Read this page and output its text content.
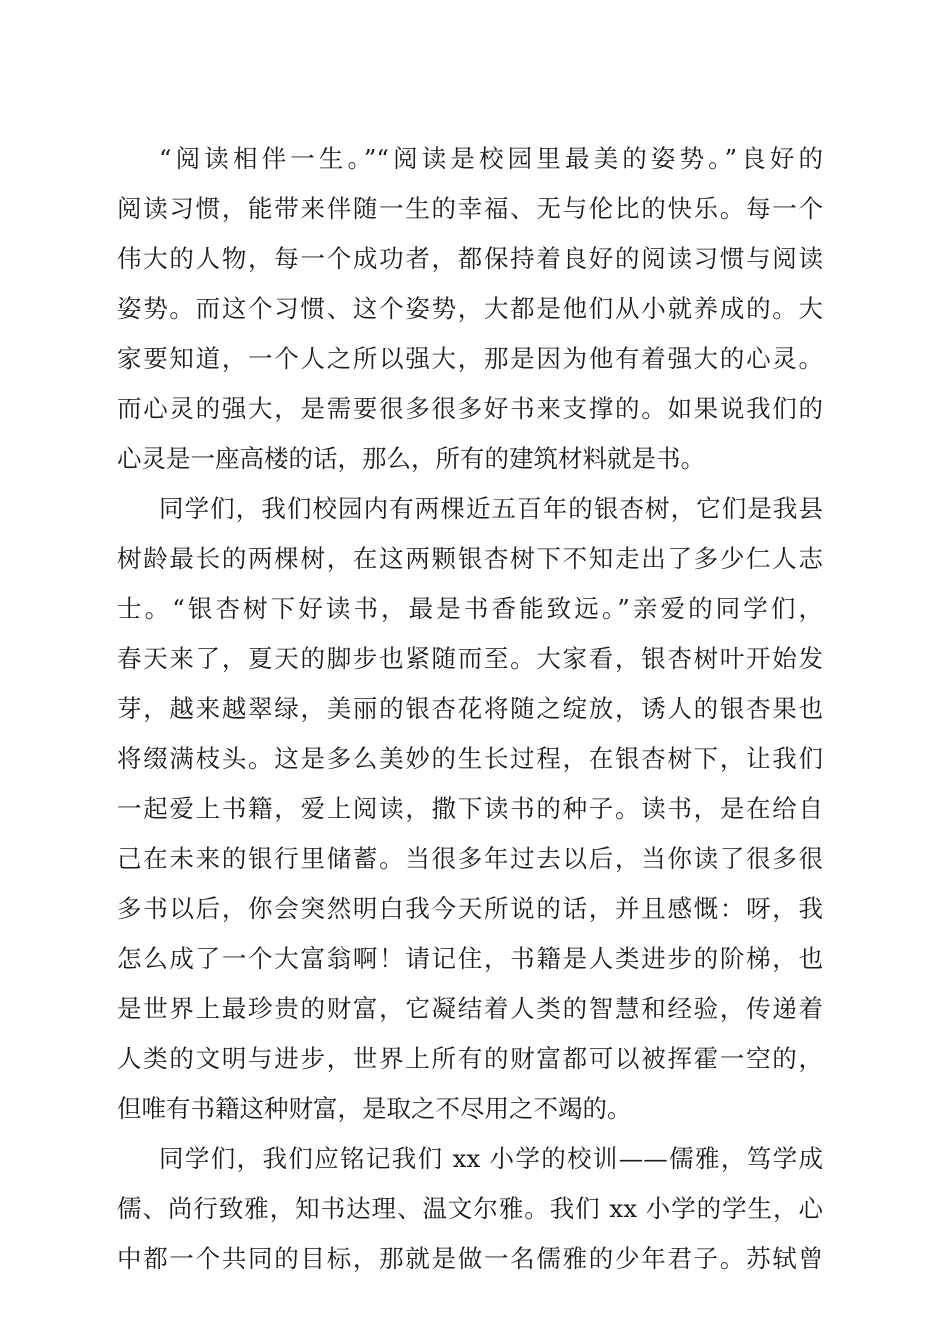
“阅读相伴一生。”“阅读是校园里最美的姿势。”良好的
阅读习惯，能带来伴随一生的幸福、无与伦比的快乐。每一个
伟大的人物，每一个成功者，都保持着良好的阅读习惯与阅读
姿势。而这个习惯、这个姿势，大都是他们从小就养成的。大
家要知道，一个人之所以强大，那是因为他有着强大的心灵。
而心灵的强大，是需要很多很多好书来支撑的。如果说我们的
心灵是一座高楼的话，那么，所有的建筑材料就是书。
同学们，我们校园内有两棵近五百年的银杏树，它们是我县
树龄最长的两棵树，在这两颗银杏树下不知走出了多少仁人志
士。“银杏树下好读书，最是书香能致远。”亲爱的同学们，
春天来了，夏天的脚步也紧随而至。大家看，银杏树叶开始发
芽，越来越翠绿，美丽的银杏花将随之绽放，诱人的银杏果也
将缀满枝头。这是多么美妙的生长过程，在银杏树下，让我们
一起爱上书籍，爱上阅读，撒下读书的种子。读书，是在给自
己在未来的银行里储蓄。当很多年过去以后，当你读了很多很
多书以后，你会突然明白我今天所说的话，并且感慨：呀，我
怎么成了一个大富翁啊！请记住，书籍是人类进步的阶梯，也
是世界上最珍贵的财富，它凝结着人类的智慧和经验，传递着
人类的文明与进步，世界上所有的财富都可以被挥霍一空的，
但唯有书籍这种财富，是取之不尽用之不竭的。
同学们，我们应铭记我们 xx 小学的校训——儒雅，笃学成
儒、尚行致雅，知书达理、温文尔雅。我们 xx 小学的学生，心
中都一个共同的目标，那就是做一名儒雅的少年君子。苏轼曾
